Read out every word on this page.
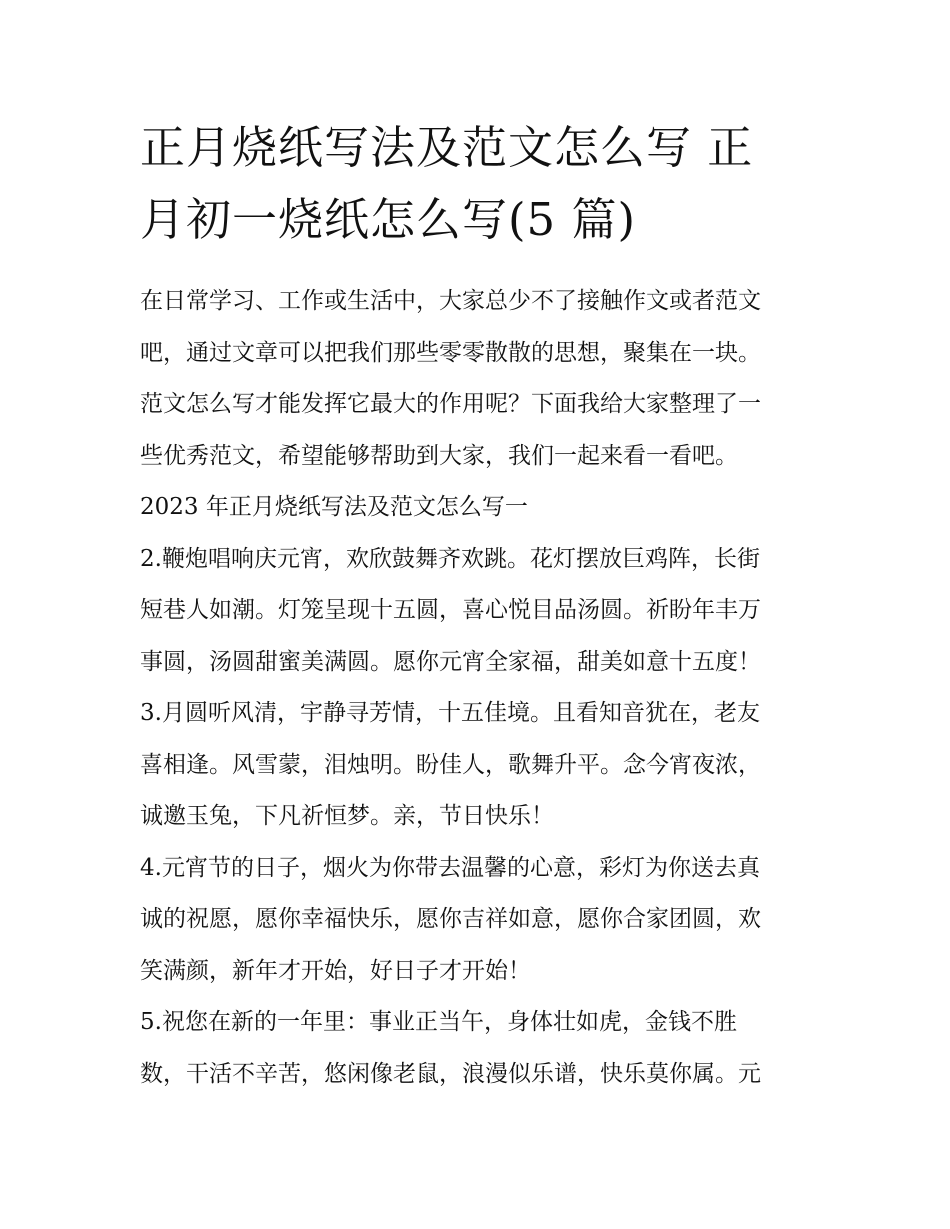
正月烧纸写法及范文怎么写 正
月初一烧纸怎么写(5 篇)
在日常学习、工作或生活中，大家总少不了接触作文或者范文
吧，通过文章可以把我们那些零零散散的思想，聚集在一块。
范文怎么写才能发挥它最大的作用呢？下面我给大家整理了一
些优秀范文，希望能够帮助到大家，我们一起来看一看吧。
2023 年正月烧纸写法及范文怎么写一
2.鞭炮唱响庆元宵，欢欣鼓舞齐欢跳。花灯摆放巨鸡阵，长街
短巷人如潮。灯笼呈现十五圆，喜心悦目品汤圆。祈盼年丰万
事圆，汤圆甜蜜美满圆。愿你元宵全家福，甜美如意十五度！
3.月圆听风清，宇静寻芳情，十五佳境。且看知音犹在，老友
喜相逢。风雪蒙，泪烛明。盼佳人，歌舞升平。念今宵夜浓，
诚邀玉兔，下凡祈恒梦。亲，节日快乐！
4.元宵节的日子，烟火为你带去温馨的心意，彩灯为你送去真
诚的祝愿，愿你幸福快乐，愿你吉祥如意，愿你合家团圆，欢
笑满颜，新年才开始，好日子才开始！
5.祝您在新的一年里：事业正当午，身体壮如虎，金钱不胜
数，干活不辛苦，悠闲像老鼠，浪漫似乐谱，快乐莫你属。元
